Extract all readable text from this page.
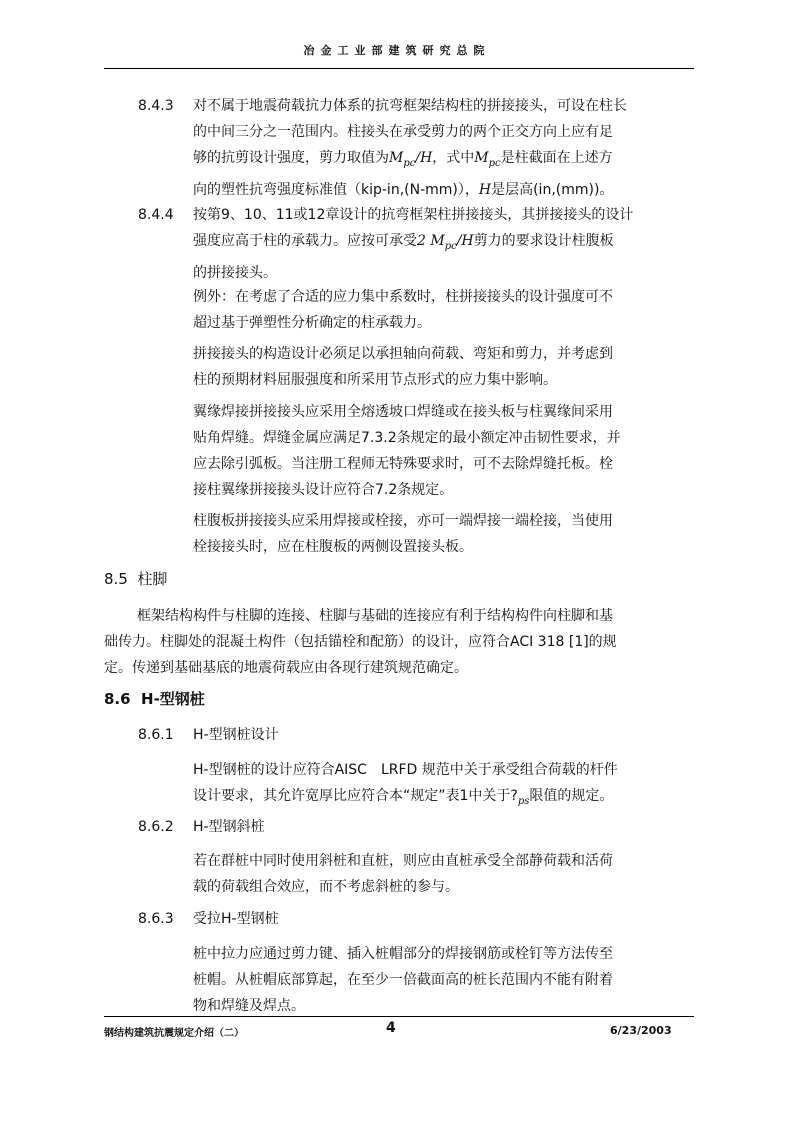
冶金工业部建筑研究总院
8.4.3 对不属于地震荷载抗力体系的抗弯框架结构柱的拼接接头，可设在柱长
的中间三分之一范围内。柱接头在承受剪力的两个正交方向上应有足
够的抗剪设计强度，剪力取值为$M_{pc}/H$，式中$M_{pc}$是柱截面在上述方
向的塑性抗弯强度标准值（kip-in,(N-mm)），H是层高(in,(mm))。
8.4.4 按第9、10、11或12章设计的抗弯框架柱拼接接头，其拼接接头的设计
强度应高于柱的承载力。应按可承受2 $M_{pc}/H$剪力的要求设计柱腹板
的拼接接头。
例外：在考虑了合适的应力集中系数时，柱拼接接头的设计强度可不
超过基于弹塑性分析确定的柱承载力。
拼接接头的构造设计必须足以承担轴向荷载、弯矩和剪力，并考虑到
柱的预期材料屈服强度和所采用节点形式的应力集中影响。
翼缘焊接拼接接头应采用全熔透坡口焊缝或在接头板与柱翼缘间采用
贴角焊缝。焊缝金属应满足7.3.2条规定的最小额定冲击韧性要求，并
应去除引弧板。当注册工程师无特殊要求时，可不去除焊缝托板。栓
接柱翼缘拼接接头设计应符合7.2条规定。
柱腹板拼接接头应采用焊接或栓接，亦可一端焊接一端栓接，当使用
栓接接头时，应在柱腹板的两侧设置接头板。
8.5 柱脚
框架结构构件与柱脚的连接、柱脚与基础的连接应有利于结构构件向柱脚和基
础传力。柱脚处的混凝土构件（包括锚栓和配筋）的设计，应符合ACI 318 [1]的规
定。传递到基础基底的地震荷载应由各现行建筑规范确定。
8.6 H-型钢桩
8.6.1 H-型钢桩设计
H-型钢桩的设计应符合AISC　LRFD 规范中关于承受组合荷载的杆件
设计要求，其允许宽厚比应符合本“规定”表1中关于$?_{ps}$限值的规定。
8.6.2 H-型钢斜桩
若在群桩中同时使用斜桩和直桩，则应由直桩承受全部静荷载和活荷
载的荷载组合效应，而不考虑斜桩的参与。
8.6.3 受拉H-型钢桩
桩中拉力应通过剪力键、插入桩帽部分的焊接钢筋或栓钉等方法传至
桩帽。从桩帽底部算起，在至少一倍截面高的桩长范围内不能有附着
物和焊缝及焊点。
钢结构建筑抗震规定介绍（二）	4	6/23/2003
